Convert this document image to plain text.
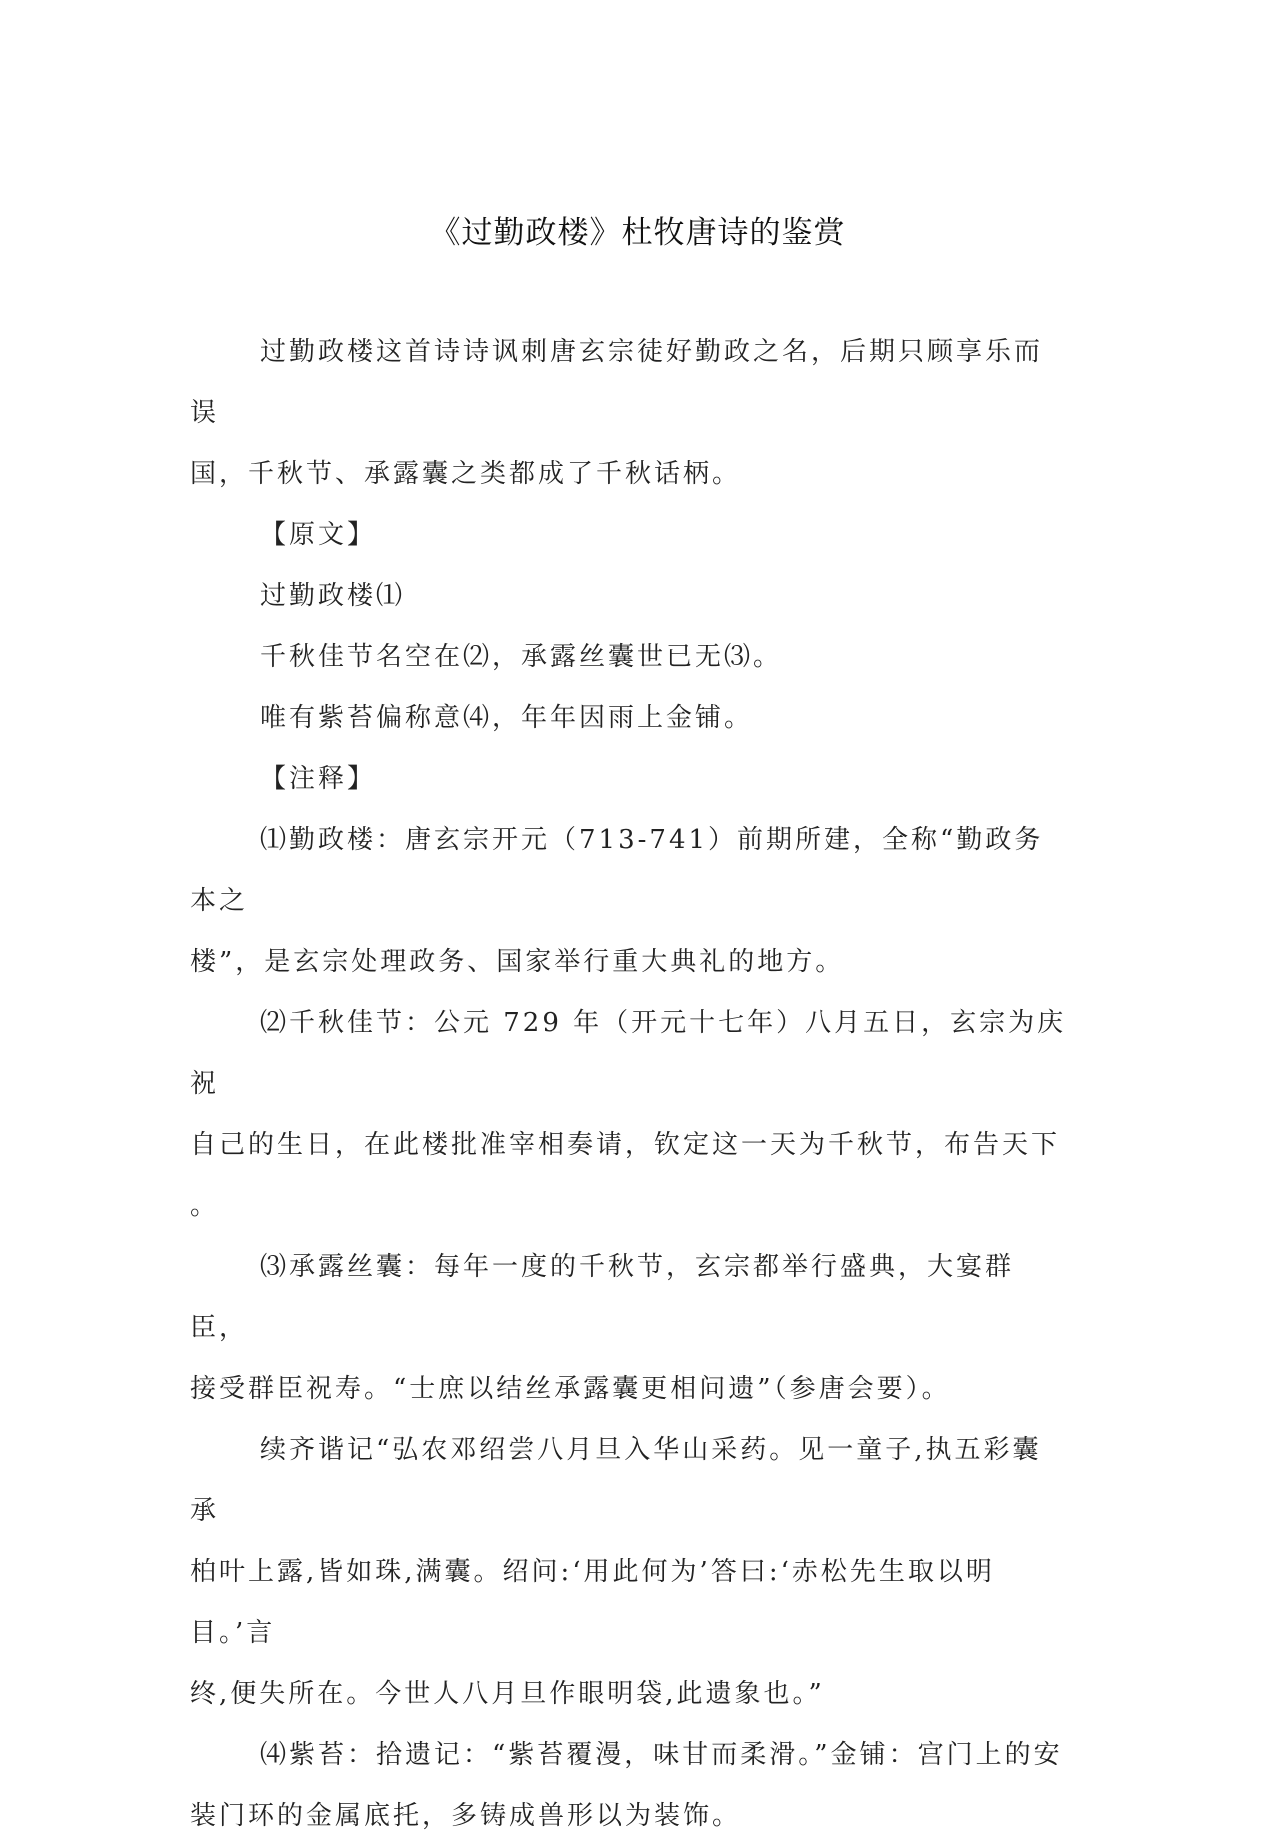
《过勤政楼》杜牧唐诗的鉴赏

过勤政楼这首诗诗讽刺唐玄宗徒好勤政之名，后期只顾享乐而误

国，千秋节、承露囊之类都成了千秋话柄。

【原文】

过勤政楼⑴

千秋佳节名空在⑵，承露丝囊世已无⑶。

唯有紫苔偏称意⑷，年年因雨上金铺。

【注释】

⑴勤政楼：唐玄宗开元（713-741）前期所建，全称“勤政务本之

楼”，是玄宗处理政务、国家举行重大典礼的地方。

⑵千秋佳节：公元 729 年（开元十七年）八月五日，玄宗为庆祝

自己的生日，在此楼批准宰相奏请，钦定这一天为千秋节，布告天下

。

⑶承露丝囊：每年一度的千秋节，玄宗都举行盛典，大宴群臣，

接受群臣祝寿。“士庶以结丝承露囊更相问遗”（参唐会要）。

续齐谐记“弘农邓绍尝八月旦入华山采药。见一童子,执五彩囊承

柏叶上露,皆如珠,满囊。绍问:‘用此何为’答曰:‘赤松先生取以明目。’言

终,便失所在。今世人八月旦作眼明袋,此遗象也。”

⑷紫苔：拾遗记：“紫苔覆漫，味甘而柔滑。”金铺：宫门上的安

装门环的金属底托，多铸成兽形以为装饰。
